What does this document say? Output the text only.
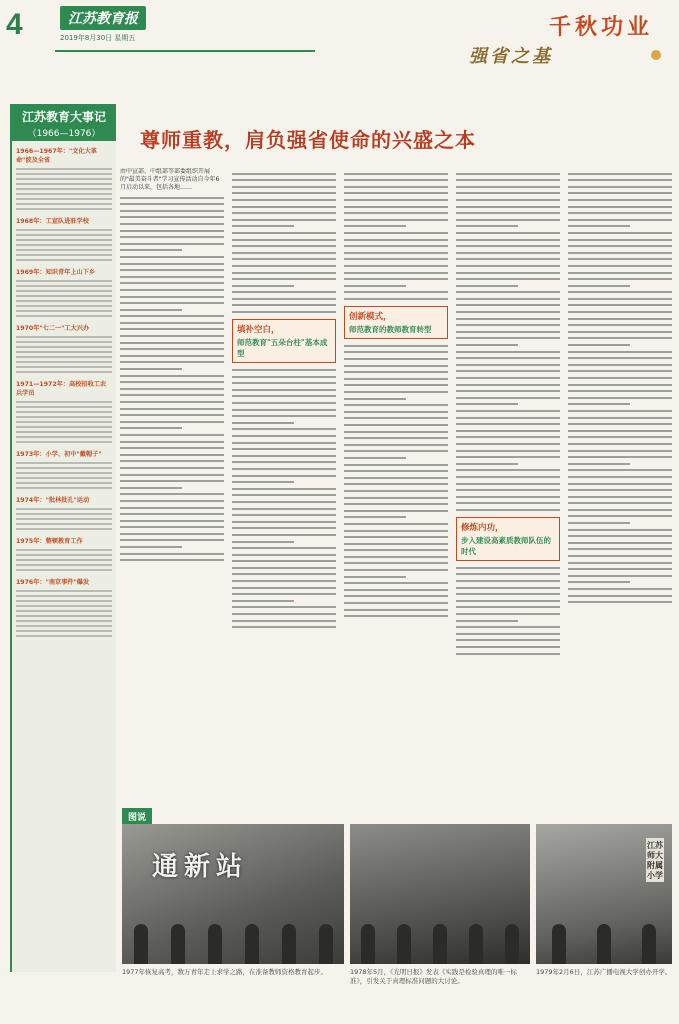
4	江苏教育报
2019年8月30日 星期五	千秋功业
强省之基
江苏教育大事记
（1966—1976）
1966—1967年："文化大革命"波及全省
1968年：工宣队进驻学校
1969年：知识青年上山下乡
1970年"七二一"工大兴办
1971—1972年：高校招收工农兵学员
1973年：小学、初中"戴帽子"
1974年："批林批孔"运动
1975年：整顿教育工作
1976年："南京事件"爆发
尊师重教，肩负强省使命的兴盛之本
由中宣部、中组部等部委组织开展的"最美奋斗者"学习宣传活动自今年6月启动以来，包括各地……
填补空白，
师范教育"五朵台柱"基本成型
创新模式，
师范教育的教师教育转型
修炼内功，
步入建设高素质教师队伍的时代
图说
通新站
江苏师大附属小学
1977年恢复高考，数万青年走上求学之路，在准备教师资格教育起步。	1978年5月，《光明日报》发表《实践是检验真理的唯一标准》，引发关于真理标准问题的大讨论。
1979年2月6日，江苏广播电视大学创办开学。
